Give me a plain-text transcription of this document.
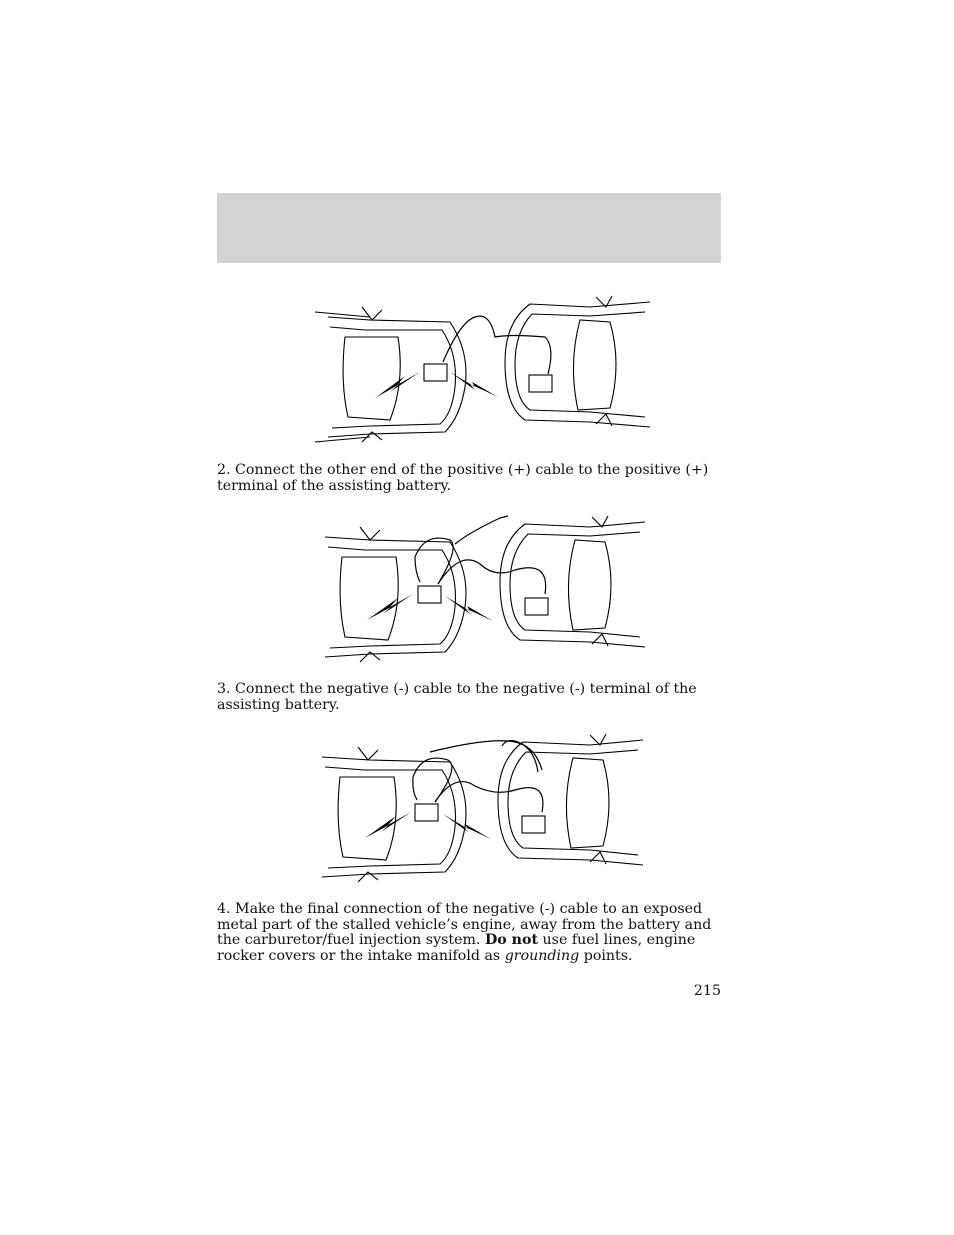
2. Connect the other end of the positive (+) cable to the positive (+) terminal of the assisting battery.

3. Connect the negative (-) cable to the negative (-) terminal of the assisting battery.

4. Make the final connection of the negative (-) cable to an exposed metal part of the stalled vehicle’s engine, away from the battery and the carburetor/fuel injection system. Do not use fuel lines, engine rocker covers or the intake manifold as grounding points.

215
